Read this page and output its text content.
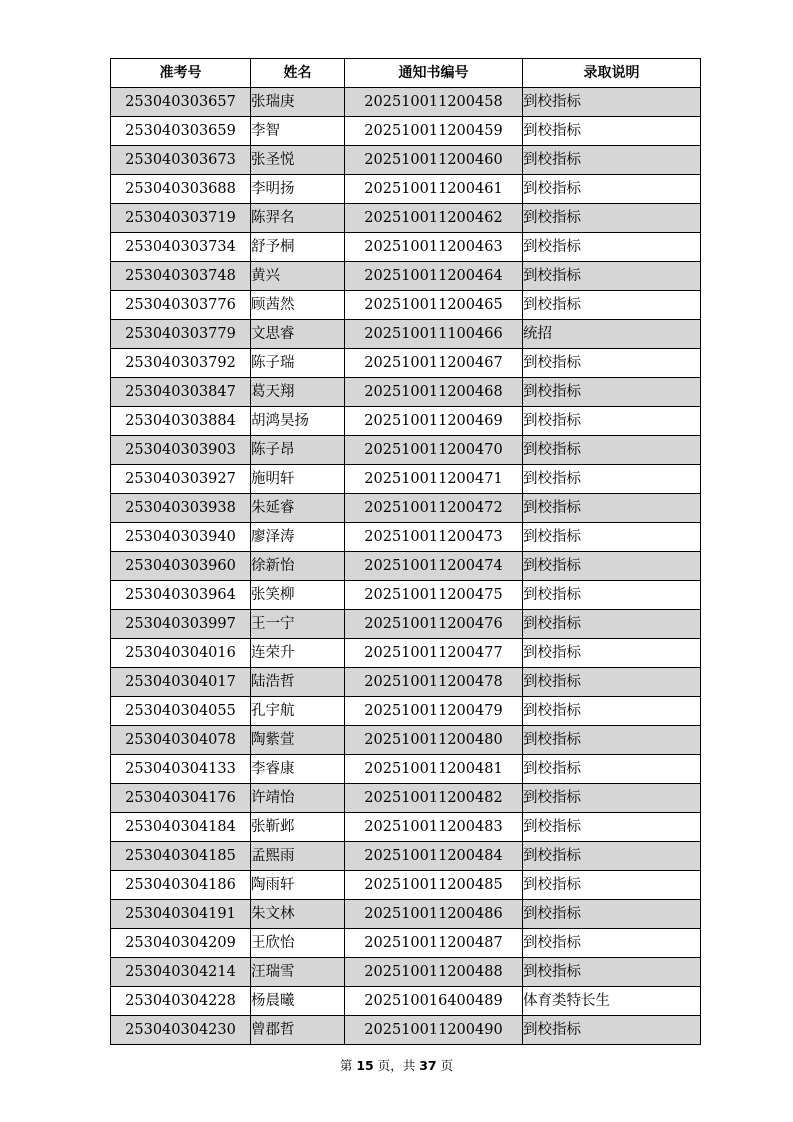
准考号	姓名	通知书编号	录取说明
253040303657	张瑞庚	202510011200458	到校指标
253040303659	李智	202510011200459	到校指标
253040303673	张圣悦	202510011200460	到校指标
253040303688	李明扬	202510011200461	到校指标
253040303719	陈羿名	202510011200462	到校指标
253040303734	舒予桐	202510011200463	到校指标
253040303748	黄兴	202510011200464	到校指标
253040303776	顾茜然	202510011200465	到校指标
253040303779	文思睿	202510011100466	统招
253040303792	陈子瑞	202510011200467	到校指标
253040303847	葛天翔	202510011200468	到校指标
253040303884	胡鸿昊扬	202510011200469	到校指标
253040303903	陈子昂	202510011200470	到校指标
253040303927	施明轩	202510011200471	到校指标
253040303938	朱延睿	202510011200472	到校指标
253040303940	廖泽涛	202510011200473	到校指标
253040303960	徐新怡	202510011200474	到校指标
253040303964	张笑柳	202510011200475	到校指标
253040303997	王一宁	202510011200476	到校指标
253040304016	连荣升	202510011200477	到校指标
253040304017	陆浩哲	202510011200478	到校指标
253040304055	孔宇航	202510011200479	到校指标
253040304078	陶紫萱	202510011200480	到校指标
253040304133	李睿康	202510011200481	到校指标
253040304176	许靖怡	202510011200482	到校指标
253040304184	张靳邺	202510011200483	到校指标
253040304185	孟熙雨	202510011200484	到校指标
253040304186	陶雨轩	202510011200485	到校指标
253040304191	朱文林	202510011200486	到校指标
253040304209	王欣怡	202510011200487	到校指标
253040304214	汪瑞雪	202510011200488	到校指标
253040304228	杨晨曦	202510016400489	体育类特长生
253040304230	曾郡哲	202510011200490	到校指标
第 15 页，共 37 页
